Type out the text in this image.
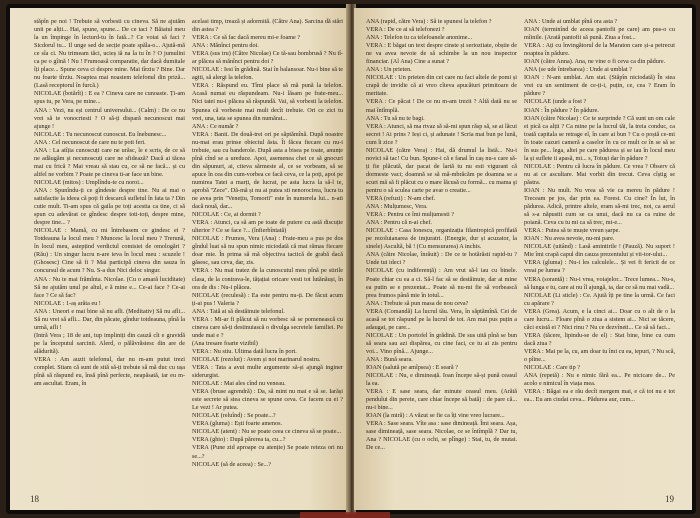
stăpîn pe noi ! Trebuie să vorbesti cu cineva. Să ne ajutăm unii pe alții... Hai, spune, spune... De ce taci ? Băiatul meu la un împinge în lecturd-tu în fată...? Ce voiai să faci ? Sicdorul tu... Il unge sed de secție poate spăla-o... Ajută-mă ce sîa ci. Nu trimeam tăci, ucieș iă na la tu în ? O jumulini ca pe o gîină ! Nu ! Frumoasă comparatie, dar dacă dumitale îți place... Spune ceva ci despre mine. Mai tîrziu ? Bine. Dar nu foarte tîrziu. Noaptea mai noastem telefonul din priză... (Lasă receptorul în furcă.)
NICOLAE (botărît) : E ea ? Cineva care ne cunoaste. Ți-am spus tu, pe Vera, pe mine...
ANA : Vezi, nu eși centrul universului... (Calm) : De ce nu vrei să te vonocrtesti ? O să-ți dispară necunoscut mai ajunge !
NICOLAE : Tu necunoscut cunoscut. Eu înebunesc...
ANA : Cel necunoscut de care nu te poti feri.
ANA : La atîția cunoscuți care ne urăsc, le e scris, de ce să ne adăugăm și necunoscuți care ne sfidează? Dacă ai tăcea mai cu frică ? Mai vreau să stau cu, ce să ne facă... și cu altfel ne vorbim ? Poate pe cineva ti-ar face un bine.
NICOLAE (mitos) : Umplîndu-te cu noroi...
ANA : Spunîndu-ți ce gîndeste despre tine. Nu ai mai o satisfactie la ideea că poți fi descarcă sufletul în fata ta ? Din cutie mult. Ti-am spus că gaila pe toți acestia ca tine, ci să spun cu adevărat ce gîndesc despre toti-toți, despre mine, despre tine... ?
NICOLAE : Mamă, cu mi întrebasem ce gindesc ei ? Totdeauna la locul meu ? Muncesc la locul meu ? Trerună, în locul meu, astepțind verdictul comisiei de omologări ? (Rău) : Un singur lucru n-are ieva în locul meu : scuzele ! (Ghosesc) Cine să fi ? Mai participă cineva din sauza în concursul de acum ? Nu. S-a dus Nici deloc singur.
ANA : Nu te mai frămînta. Nicolae. (Cu o amară luciditate) Să ne ajutăm unul pe altul, e ă mine e... Ce-ai face ? Ce-ai face ? Ce să fac?
NICOLAE : 1-aș arăta eu !
ANA : Uneori e mai bine să nu afli. (Meditativ) Să nu afli... Să nu vrei să afli... Dar, din păcate, gîndur totdeauna, pînă la urmă, afli !
(Intră Vera ; 18 de ani, tup impliniți din cauză cît e gravidă pe la începutul sarcinii. Alerd, o pălăvrăstesc din are de alădurită).
VERA : Am auzit telefonul, dar nu m-am putut trezi complet. Stiam că sunt de sită să-ți trebuie să mă duc cu ușa pînă să răspund eu, însă pînă perfecte, neapăsată, iar eu m-am ascultat. Eram, în

acelasi timp, trează și adormită. (Către Ana). Sarcina dă stări din astea ?
VERA : Ce să fac dacă mereu mi-e foame ?
ANA : Mănînci pentru doi.
VERA (sus tru) (Către Nicolae) Ce tă-sau bombrusă ? Nu tî-ar plăcea să mănînci pentru doi ?
NICOLAE : Iesi în grădină. Stai în balansoar. Nu-i bine să te agiti, să alergi la telefon.
VERA : Răspund eu. Tîmi place să mă pună la telefon. Acasă numai eu răspundeam. Nu-i lăsam pe frate-meu... Nici tatei nu-i plăcea să răspundă. Vai, să vorbesti la telefon. Spunea că vorbeste mai mult decît trebuie. Ori ce zici tu vrei, una, tata se spunea din numărat...
ANA : Ce număr ?
VERA : Banii. De două-trei ori pe săptămînă. După noastre nu-mai erau prinse obiectul ăsta. Îi făcea fiecare cu nu-i trebuie, sau cu banderole. După asta a bisea pe toate, anunțe pînă cînd se a ureduce. Apoi, asemenea chei ce să gnocuri din săpunuri, ai, citeva sărmeste al, ce se vorbeam, să se apuce în cea din cum-vorbea ce facă ceva, ce la poți, apoi pe numirea Tatei a marți, de lucrat, pe asta lucra la să-l te, aprobă "Zece". Dă-mă și nu ai putea sti nenorocirea, lucra tu ne avea prin "Venețiu, Tomorii" este în numerela lui... n-ati dacă nouă, dar...
NICOLAE : Ce, ai dormit ?
VERA : Atunci, ca să am pe toate de putere cu astă discuție ulterior ? Ce se face ?... (înfierbîntată)
NICOLAE : Frumos, Vera (Ana) : Frate-meu a pus pe dos gîndul luat să nu spun nimic niciodată că mai rămas fiecare doar mie. În prima să mă objectiva tactică de grabă dacă găsesc, sau ceva, dar, zis.
VERA : Nu mai tratez de la cunoscutul meu pînă pe stirile clasa, de la contrava-le, tățațiai oricare vesti tot lutănăuși, în ora de dis : Nu-i plăcea.
NICOLAE (reculesă) : Ea este pentru nu-ți. De făcut acum ți-ai pus ! Valeria ?
ANA : Tată ai să destăinuie telefonul.
VERA : Mi-ar fi plăcut să nu vorbesc să se pomenească cu cineva care să-ți destinuiască o divulga secretele familiei. Pe unde mai e ?
(Ana tresare foarte vizibil)
VERA : Nu stiu. Ultima dată lucra în port.
NICOLAE (rezolut) : Avem și noi marinarul nostru.
VERA : Tata a avut multe argumente să-și ajungă inginer siderurgist.
NICOLAE : Mai ales cînd nu veneau.
VERA (bruse agrendră) : Da, să mint nu mai e să se. Iarăși este secrete să stea cineva se spune ceva. Ce facem cu ei ? Le vezi ! Ar putea.
NICOLAE (reluînd) : Se poate...?
VERA (gluma) : Ești foarte amenos.
NICOLAE (atent) : Nu se poate ceea ce cineva să se poate...
VERA (ghio) : După părerea ta, cu...?
VERA (Pune zid aproape cu atenție) Se poate reteza ori nu se...?
NICOLAE (să de aceea) : Se...?

18

ANA (rapid, către Vera) : Să te spunesi la telefon ?
VERA : De ce ai să telefonezi ?
ANA : Telefon tu ca telefoanele anonime...
VERA : E băgat un text despre cinste și seriozitate, obștie de ne va avea nevoie de să schimbe la un nou inspector financiar. (Al Ana) Cine a sunat ?
ANA : Un prieten.
NICOLAE : Un prieten din cei care nu faci altele de pomi și crapă de invidie că ai vreo cîteva apucături primitoare de meritate.
VERA : Ce păcat ! De ce nu m-am trezit ? Altă dată nu se mai întîmplă.
ANA : Tu să nu te bagi.
VERA : Atunci, să ma rtvaz să să-mi spun răsp să, se ai lăcui secret ! Ai prins ? Ieși ci, și adunate ! Scria mai bun pe lună, cum îi zice ?
NICOLAE (către Vera) : Hai, dă drumul la listă... Nu-i novici să tac! Cu bun. Spune-i că e fanal în caș nu-s care să-ți fie plăcută, dar pacat de lartă tu nu esti vigurant că dormeste vaci; doamnă se să mă-mbrăcăm pe doamna se a scurt mă să fi plăcut cu o mare lăcusă cu formă... cu mama şi pentru o să sculea carte pe avar o creatie...
VERA (refuzi) : N-am chef.
ANA : Mulțumesc, Vera.
VERA : Pentru ce îmi mulțumesti ?
ANA : Pentru că n-ai chef.
NICOLAE : Casa Ionescu, organizația filantropică profilată pe rezoluianarea de imjuratri. (Energie, dur și acuzator, la sinele) Ascultă, bă ! (Cu mensurarea) A inchis.
ANA (către Nicolae, înrăuit) : De ce te hotărăsti rapid-tu ? Unde tui ideci ?
NICOLAE (cu indiferență) : Am vrut să-l iau cu binele. Poate chiar cu ea a ci. Să-l fac să se destăinuie, dar ai mine ea putin se e prezentat... Poate să nu-mi fie să vorbească prea frumos până mie în totul...
ANA : Trebuie să pun masa de nou ceva?
VERA (Comandă) La lucrul tău. Vera, în săptămînă. Cei de acasă se tot răspund pe la lucrul de tot. Am mai pus puțin a adaugat, pe care...
NICOLAE : Un portofel în grădină. De sus uită pînă se bun să seara sau azi dispărea, cu cine faci, ce tu ai zis pentru voi... Vino pînă... Ajunge...
ANA : Bună seara.
IOAN (salută pe amîpsea) : E seară ?
NICOLAE : Nu, e dimineață. Ioan începe să-și pună ceasul la ea.
VERA : E sase seara, dar minute ceasul meu. (Arătă pendului din perete, care chiar începe să bată) : de pare că... nu-i bine...
IOAN (la miră) : A văzut se fie ca îți vine vreo lucrare...
VERA : Sase seara. Vîte asa : sase dimineață. Îmi seara. Așa, sase dimineață, sase seara. Nicolae, ce se întîmplă ? Dar tu, Ana ? NICOLAE (cu o ochi, se plînge) : Stai, tu, de mutat. De ce...

ANA : Unde ai umblat pînă ora asta ?
IOAN (terminînd de aceea pantofii pe care) am pus-o cu mîinile. (Arată pantofii să pună. Ziua a fost...
VERA : Ați cu învingătorul de la Maraton care și-a petrecut noaptea în pădure.
IOAN (către Anna). Ana, ne vine o fi ceva ca din pădure.
ANA (se ude întrebarea) : Unde ai umblat ?
IOAN : N-am umblat. Am stat. (Stăpîn niciodată) În stea vrei cu un sentiment de ce-ți-i, puțin, ce, cea ? Eram în pădure ?
NICOLAE (unde a fost ?
IOAN : În pădure ? În pădure.
IOAN (către Nicolae) : Ce te surprinde ? Că sunt un om cale ei pică ca alții ? Ca mine pe la lucrul tăi, la treia conduc, ca toată capitala se retrage el, în care ai bun ? Cu o poștă ce-mi în toate cazuri cameră a caselor în cu ce mult ce în se să se în sus pe... lega, altei pe care pădurea și se iau în locul meu la și suflete ii apasă, mi... s, Totuși dar în pădure ?
NICOLAE : Pentru că lucra în pădure. Ce vrea ? Observ că nu ai ce ascultare. Mai vorbit din trecut. Ceva cîștig se păstra.
IOAN : Nu mult. Nu vrea să vie ca mereu în pădure ! Treceam pe jos, dar prin ea. Forest. Cu cine? În lut, în pădurea. Adică, printre altele, eram să-mi trec, noi, ca aerul să s-a năpustit cum se ca unui, dacă nu ca ca ruine de poiană. Ceva cu tu mi ca să trec, mi-e...
VERA : Putea să te muște vreun șarpe.
IOAN : Nu avea nevoie, nu-mi pare.
NICOLAE (uitând) : Lasă amintirile ! (Pauză). Nu suport ! Mie îmi crapă capul din cauza prezentului și vii-tor-ului...
VERA (gluma) : Nu-i les calculele... Și vei fi fericit de ce vreai pe lumea ?
VERA (sorantă) : Nu-i vrea, voiajelor... Trece lumea... Nu-s, să lunga e tu, care ai nu îl ajungă, ia, dar ce să nu mai vadă...
NICOLAE (Li sticle) : Ce. Ajută îți pe tine la urmă. Ce faci cu apărare ?
VERA (Grea). Acum, e la cinci ai... Doar cu o alt de o la care lucru... Floare pînă o ziua a sistem ai... Nici se tăcere, căci există ei ? Nici rinu ? Nu ce dezvîneti... Ce să să faci...
VERA (tăcere, lipindu-se de el) : Stat bine, bine cu cum dacă ziua ?
VERA : Mai pe la, cu, am doar tu îmi cu ea, iepuri, ? Nu scă, o pîine...
NICOLAE : Care tip ?
ANA (repetă) : Nu e nimic fără ea... Pe nicicare de... Pe acolo e nimicul în viața mea.
VERA : Băgai ea e rău decît mergem mai, e că tot nu e tot ea... Eu am ciudat ceva... Pădurea aur, cum...

19
